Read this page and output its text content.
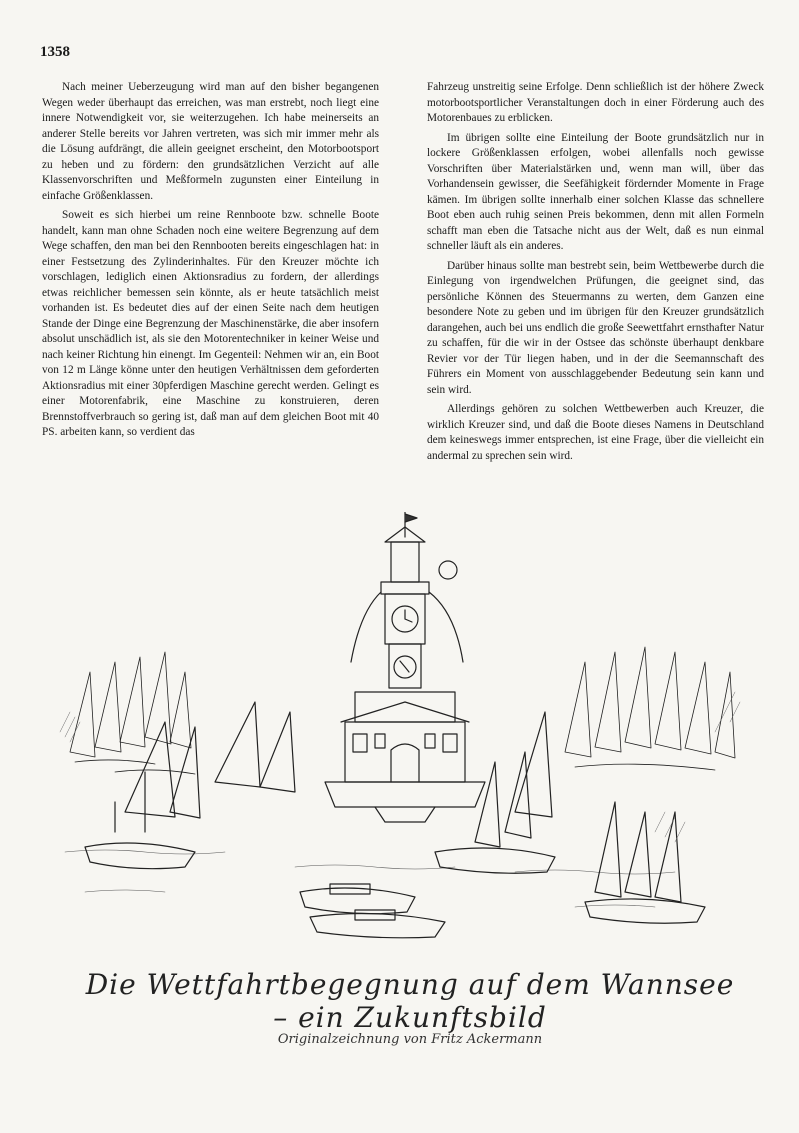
1358

Nach meiner Ueberzeugung wird man auf den bisher begangenen Wegen weder überhaupt das erreichen, was man erstrebt, noch liegt eine innere Notwendigkeit vor, sie weiterzugehen. Ich habe meinerseits an anderer Stelle bereits vor Jahren vertreten, was sich mir immer mehr als die Lösung aufdrängt, die allein geeignet erscheint, den Motorbootsport zu heben und zu fördern: den grundsätzlichen Verzicht auf alle Klassenvorschriften und Meßformeln zugunsten einer Einteilung in einfache Größenklassen.

Soweit es sich hierbei um reine Rennboote bzw. schnelle Boote handelt, kann man ohne Schaden noch eine weitere Begrenzung auf dem Wege schaffen, den man bei den Rennbooten bereits eingeschlagen hat: in einer Festsetzung des Zylinderinhaltes. Für den Kreuzer möchte ich vorschlagen, lediglich einen Aktionsradius zu fordern, der allerdings etwas reichlicher bemessen sein könnte, als er heute tatsächlich meist vorhanden ist. Es bedeutet dies auf der einen Seite nach dem heutigen Stande der Dinge eine Begrenzung der Maschinenstärke, die aber insofern absolut unschädlich ist, als sie den Motorentechniker in keiner Weise und nach keiner Richtung hin einengt. Im Gegenteil: Nehmen wir an, ein Boot von 12 m Länge könne unter den heutigen Verhältnissen dem geforderten Aktionsradius mit einer 30pferdigen Maschine gerecht werden. Gelingt es einer Motorenfabrik, eine Maschine zu konstruieren, deren Brennstoffverbrauch so gering ist, daß man auf dem gleichen Boot mit 40 PS. arbeiten kann, so verdient das

Fahrzeug unstreitig seine Erfolge. Denn schließlich ist der höhere Zweck motorbootsportlicher Veranstaltungen doch in einer Förderung auch des Motorenbaues zu erblicken.

Im übrigen sollte eine Einteilung der Boote grundsätzlich nur in lockere Größenklassen erfolgen, wobei allenfalls noch gewisse Vorschriften über Materialstärken und, wenn man will, über das Vorhandensein gewisser, die Seefähigkeit fördernder Momente in Frage kämen. Im übrigen sollte innerhalb einer solchen Klasse das schnellere Boot eben auch ruhig seinen Preis bekommen, denn mit allen Formeln schafft man eben die Tatsache nicht aus der Welt, daß es nun einmal schneller läuft als ein anderes.

Darüber hinaus sollte man bestrebt sein, beim Wettbewerbe durch die Einlegung von irgendwelchen Prüfungen, die geeignet sind, das persönliche Können des Steuermanns zu werten, dem Ganzen eine besondere Note zu geben und im übrigen für den Kreuzer grundsätzlich darangehen, auch bei uns endlich die große Seewettfahrt ernsthafter Natur zu schaffen, für die wir in der Ostsee das schönste überhaupt denkbare Revier vor der Tür liegen haben, und in der die Seemannschaft des Führers ein Moment von ausschlaggebender Bedeutung sein kann und sein wird.

Allerdings gehören zu solchen Wettbewerben auch Kreuzer, die wirklich Kreuzer sind, und daß die Boote dieses Namens in Deutschland dem keineswegs immer entsprechen, ist eine Frage, über die vielleicht ein andermal zu sprechen sein wird.

Die Wettfahrtbegegnung auf dem Wannsee – ein Zukunftsbild
Originalzeichnung von Fritz Ackermann
